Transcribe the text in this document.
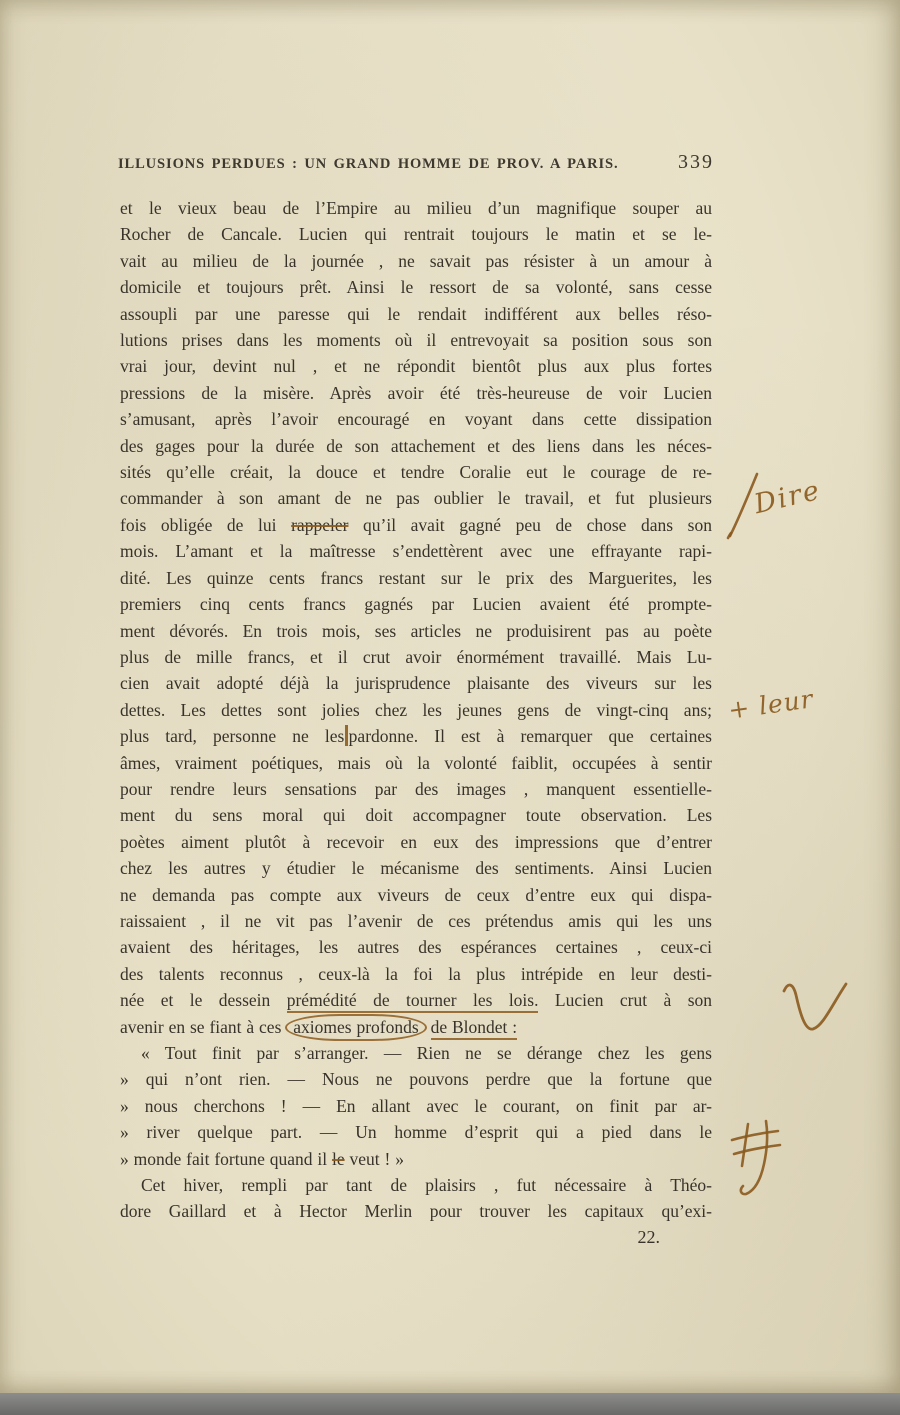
ILLUSIONS PERDUES : UN GRAND HOMME DE PROV. A PARIS.	339
et le vieux beau de l’Empire au milieu d’un magnifique souper au
Rocher de Cancale. Lucien qui rentrait toujours le matin et se le-
vait au milieu de la journée , ne savait pas résister à un amour à
domicile et toujours prêt. Ainsi le ressort de sa volonté, sans cesse
assoupli par une paresse qui le rendait indifférent aux belles réso-
lutions prises dans les moments où il entrevoyait sa position sous son
vrai jour, devint nul , et ne répondit bientôt plus aux plus fortes
pressions de la misère. Après avoir été très-heureuse de voir Lucien
s’amusant, après l’avoir encouragé en voyant dans cette dissipation
des gages pour la durée de son attachement et des liens dans les néces-
sités qu’elle créait, la douce et tendre Coralie eut le courage de re-
commander à son amant de ne pas oublier le travail, et fut plusieurs
fois obligée de lui rappeler qu’il avait gagné peu de chose dans son
mois. L’amant et la maîtresse s’endettèrent avec une effrayante rapi-
dité. Les quinze cents francs restant sur le prix des Marguerites, les
premiers cinq cents francs gagnés par Lucien avaient été prompte-
ment dévorés. En trois mois, ses articles ne produisirent pas au poète
plus de mille francs, et il crut avoir énormément travaillé. Mais Lu-
cien avait adopté déjà la jurisprudence plaisante des viveurs sur les
dettes. Les dettes sont jolies chez les jeunes gens de vingt-cinq ans;
plus tard, personne ne les pardonne. Il est à remarquer que certaines
âmes, vraiment poétiques, mais où la volonté faiblit, occupées à sentir
pour rendre leurs sensations par des images , manquent essentielle-
ment du sens moral qui doit accompagner toute observation. Les
poètes aiment plutôt à recevoir en eux des impressions que d’entrer
chez les autres y étudier le mécanisme des sentiments. Ainsi Lucien
ne demanda pas compte aux viveurs de ceux d’entre eux qui dispa-
raissaient , il ne vit pas l’avenir de ces prétendus amis qui les uns
avaient des héritages, les autres des espérances certaines , ceux-ci
des talents reconnus , ceux-là la foi la plus intrépide en leur desti-
née et le dessein prémédité de tourner les lois. Lucien crut à son
avenir en se fiant à ces axiomes profonds de Blondet :
« Tout finit par s’arranger. — Rien ne se dérange chez les gens
» qui n’ont rien. — Nous ne pouvons perdre que la fortune que
» nous cherchons ! — En allant avec le courant, on finit par ar-
» river quelque part. — Un homme d’esprit qui a pied dans le
» monde fait fortune quand il le veut ! »
Cet hiver, rempli par tant de plaisirs , fut nécessaire à Théo-
dore Gaillard et à Hector Merlin pour trouver les capitaux qu’exi-
22.
Dire
+ leur
